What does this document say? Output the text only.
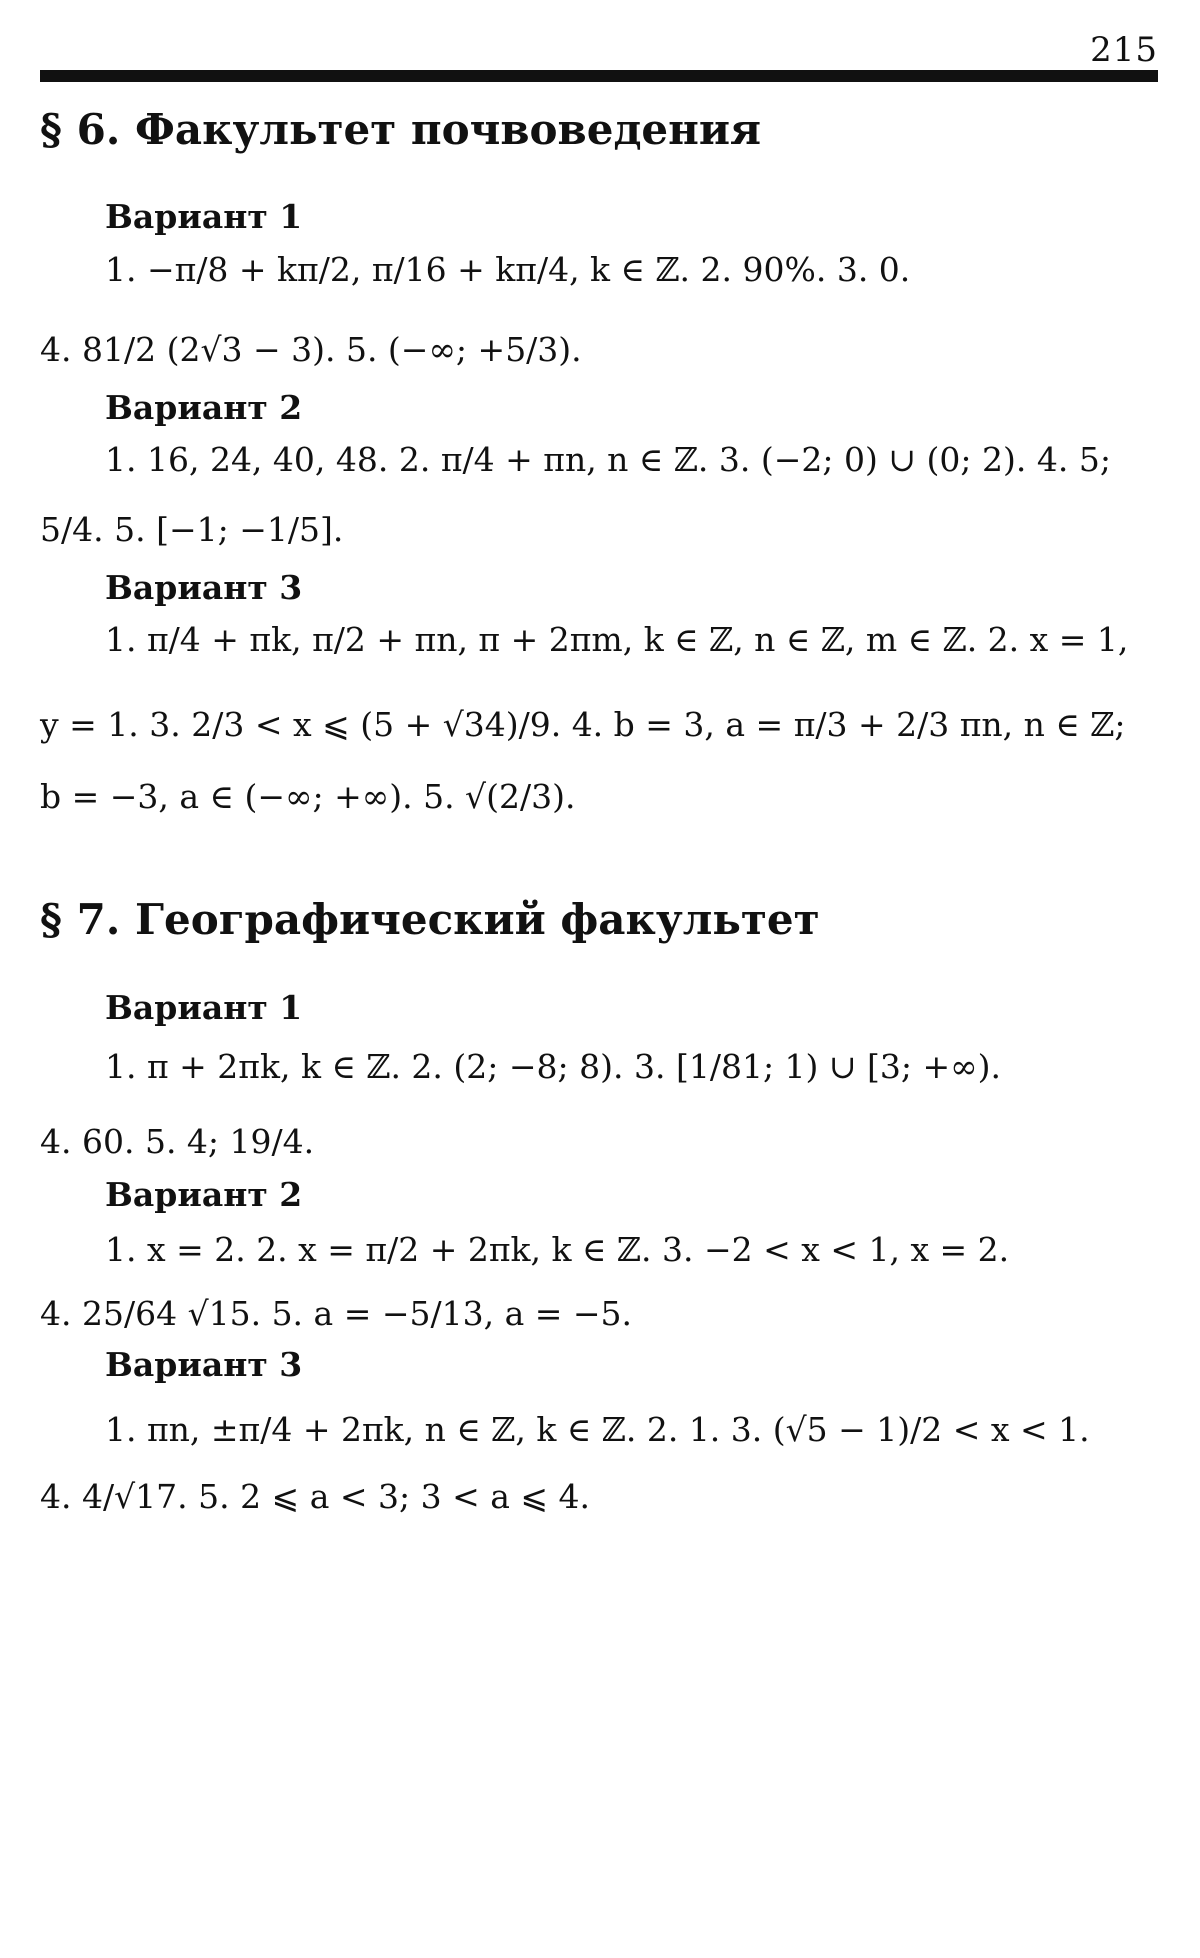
215
§ 6. Факультет почвоведения
Вариант 1
1. −π/8 + kπ/2, π/16 + kπ/4, k ∈ ℤ. 2. 90%. 3. 0.
4. 81/2 (2√3 − 3). 5. (−∞; +5/3).
Вариант 2
1. 16, 24, 40, 48. 2. π/4 + πn, n ∈ ℤ. 3. (−2; 0) ∪ (0; 2). 4. 5;
5/4. 5. [−1; −1/5].
Вариант 3
1. π/4 + πk, π/2 + πn, π + 2πm, k ∈ ℤ, n ∈ ℤ, m ∈ ℤ. 2. x = 1,
y = 1. 3. 2/3 < x ⩽ (5 + √34)/9. 4. b = 3, a = π/3 + 2/3 πn, n ∈ ℤ;
b = −3, a ∈ (−∞; +∞). 5. √(2/3).
§ 7. Географический факультет
Вариант 1
1. π + 2πk, k ∈ ℤ. 2. (2; −8; 8). 3. [1/81; 1) ∪ [3; +∞).
4. 60. 5. 4; 19/4.
Вариант 2
1. x = 2. 2. x = π/2 + 2πk, k ∈ ℤ. 3. −2 < x < 1, x = 2.
4. 25/64 √15. 5. a = −5/13, a = −5.
Вариант 3
1. πn, ±π/4 + 2πk, n ∈ ℤ, k ∈ ℤ. 2. 1. 3. (√5 − 1)/2 < x < 1.
4. 4/√17. 5. 2 ⩽ a < 3; 3 < a ⩽ 4.
